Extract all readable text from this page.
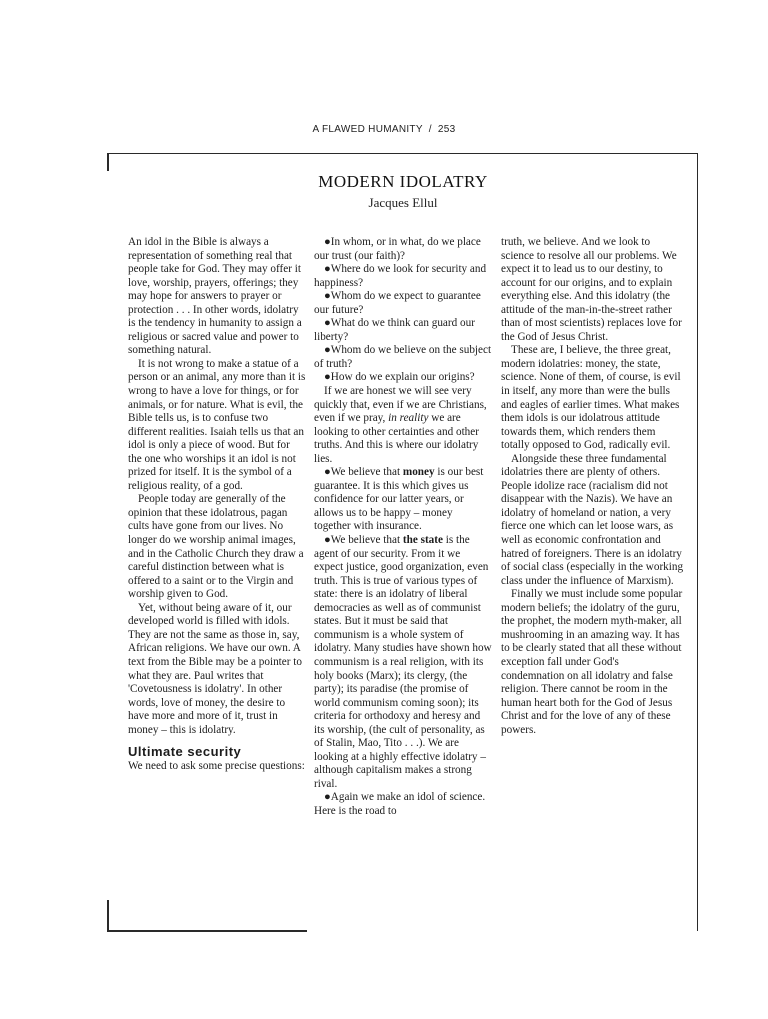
A FLAWED HUMANITY / 253
MODERN IDOLATRY
Jacques Ellul

An idol in the Bible is always a representation of something real that people take for God. They may offer it love, worship, prayers, offerings; they may hope for answers to prayer or protection . . . In other words, idolatry is the tendency in humanity to assign a religious or sacred value and power to something natural.

It is not wrong to make a statue of a person or an animal, any more than it is wrong to have a love for things, or for animals, or for nature. What is evil, the Bible tells us, is to confuse two different realities. Isaiah tells us that an idol is only a piece of wood. But for the one who worships it an idol is not prized for itself. It is the symbol of a religious reality, of a god.

People today are generally of the opinion that these idolatrous, pagan cults have gone from our lives. No longer do we worship animal images, and in the Catholic Church they draw a careful distinction between what is offered to a saint or to the Virgin and worship given to God.

Yet, without being aware of it, our developed world is filled with idols. They are not the same as those in, say, African religions. We have our own. A text from the Bible may be a pointer to what they are. Paul writes that 'Covetousness is idolatry'. In other words, love of money, the desire to have more and more of it, trust in money – this is idolatry.

Ultimate security

We need to ask some precise questions:

●In whom, or in what, do we place our trust (our faith)?

●Where do we look for security and happiness?

●Whom do we expect to guarantee our future?

●What do we think can guard our liberty?

●Whom do we believe on the subject of truth?

●How do we explain our origins?

If we are honest we will see very quickly that, even if we are Christians, even if we pray, in reality we are looking to other certainties and other truths. And this is where our idolatry lies.

●We believe that money is our best guarantee. It is this which gives us confidence for our latter years, or allows us to be happy – money together with insurance.

●We believe that the state is the agent of our security. From it we expect justice, good organization, even truth. This is true of various types of state: there is an idolatry of liberal democracies as well as of communist states. But it must be said that communism is a whole system of idolatry. Many studies have shown how communism is a real religion, with its holy books (Marx); its clergy, (the party); its paradise (the promise of world communism coming soon); its criteria for orthodoxy and heresy and its worship, (the cult of personality, as of Stalin, Mao, Tito . . .). We are looking at a highly effective idolatry – although capitalism makes a strong rival.

●Again we make an idol of science. Here is the road to

truth, we believe. And we look to science to resolve all our problems. We expect it to lead us to our destiny, to account for our origins, and to explain everything else. And this idolatry (the attitude of the man-in-the-street rather than of most scientists) replaces love for the God of Jesus Christ.

These are, I believe, the three great, modern idolatries: money, the state, science. None of them, of course, is evil in itself, any more than were the bulls and eagles of earlier times. What makes them idols is our idolatrous attitude towards them, which renders them totally opposed to God, radically evil.

Alongside these three fundamental idolatries there are plenty of others. People idolize race (racialism did not disappear with the Nazis). We have an idolatry of homeland or nation, a very fierce one which can let loose wars, as well as economic confrontation and hatred of foreigners. There is an idolatry of social class (especially in the working class under the influence of Marxism).

Finally we must include some popular modern beliefs; the idolatry of the guru, the prophet, the modern myth-maker, all mushrooming in an amazing way. It has to be clearly stated that all these without exception fall under God's condemnation on all idolatry and false religion. There cannot be room in the human heart both for the God of Jesus Christ and for the love of any of these powers.
